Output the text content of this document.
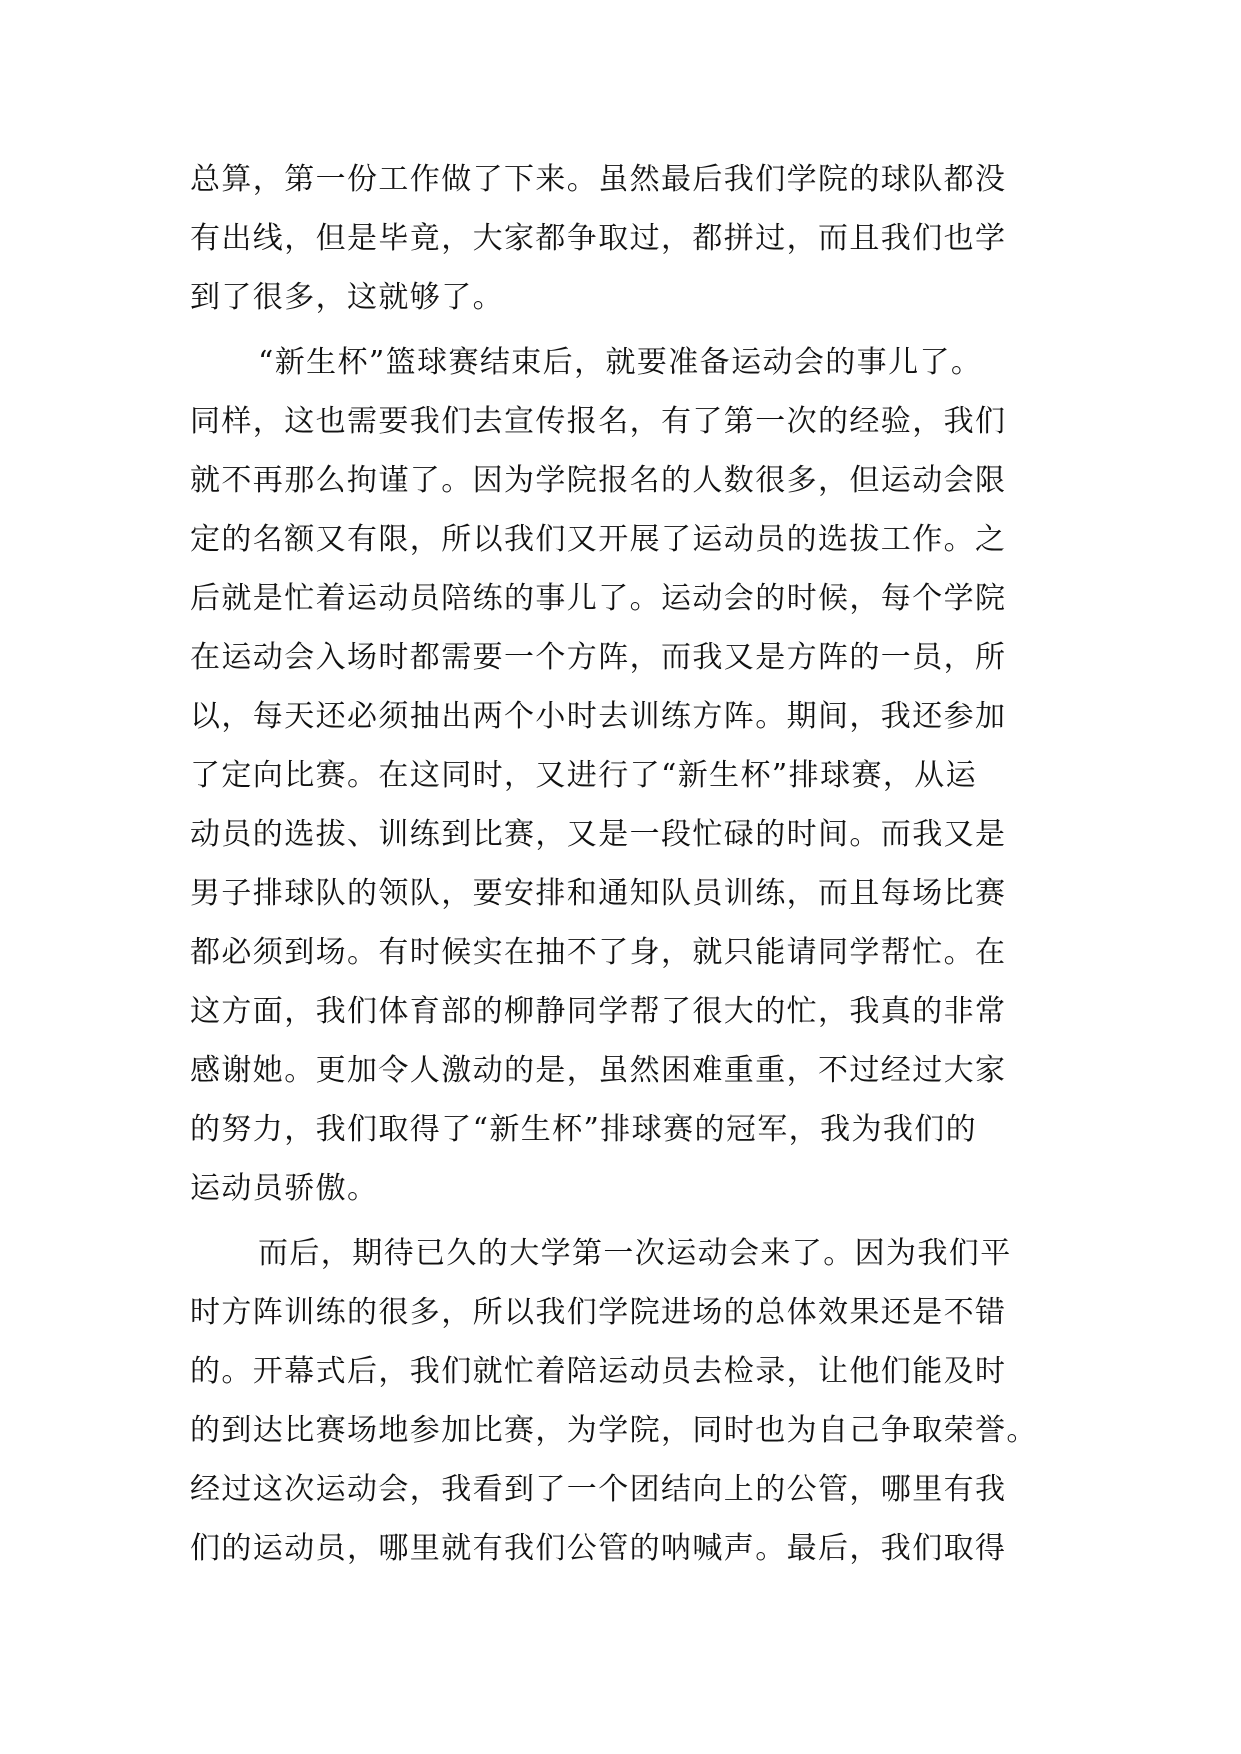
总算，第一份工作做了下来。虽然最后我们学院的球队都没
有出线，但是毕竟，大家都争取过，都拼过，而且我们也学
到了很多，这就够了。
“新生杯”篮球赛结束后，就要准备运动会的事儿了。
同样，这也需要我们去宣传报名，有了第一次的经验，我们
就不再那么拘谨了。因为学院报名的人数很多，但运动会限
定的名额又有限，所以我们又开展了运动员的选拔工作。之
后就是忙着运动员陪练的事儿了。运动会的时候，每个学院
在运动会入场时都需要一个方阵，而我又是方阵的一员，所
以，每天还必须抽出两个小时去训练方阵。期间，我还参加
了定向比赛。在这同时，又进行了“新生杯”排球赛，从运
动员的选拔、训练到比赛，又是一段忙碌的时间。而我又是
男子排球队的领队，要安排和通知队员训练，而且每场比赛
都必须到场。有时候实在抽不了身，就只能请同学帮忙。在
这方面，我们体育部的柳静同学帮了很大的忙，我真的非常
感谢她。更加令人激动的是，虽然困难重重，不过经过大家
的努力，我们取得了“新生杯”排球赛的冠军，我为我们的
运动员骄傲。
而后，期待已久的大学第一次运动会来了。因为我们平
时方阵训练的很多，所以我们学院进场的总体效果还是不错
的。开幕式后，我们就忙着陪运动员去检录，让他们能及时
的到达比赛场地参加比赛，为学院，同时也为自己争取荣誉。
经过这次运动会，我看到了一个团结向上的公管，哪里有我
们的运动员，哪里就有我们公管的呐喊声。最后，我们取得
